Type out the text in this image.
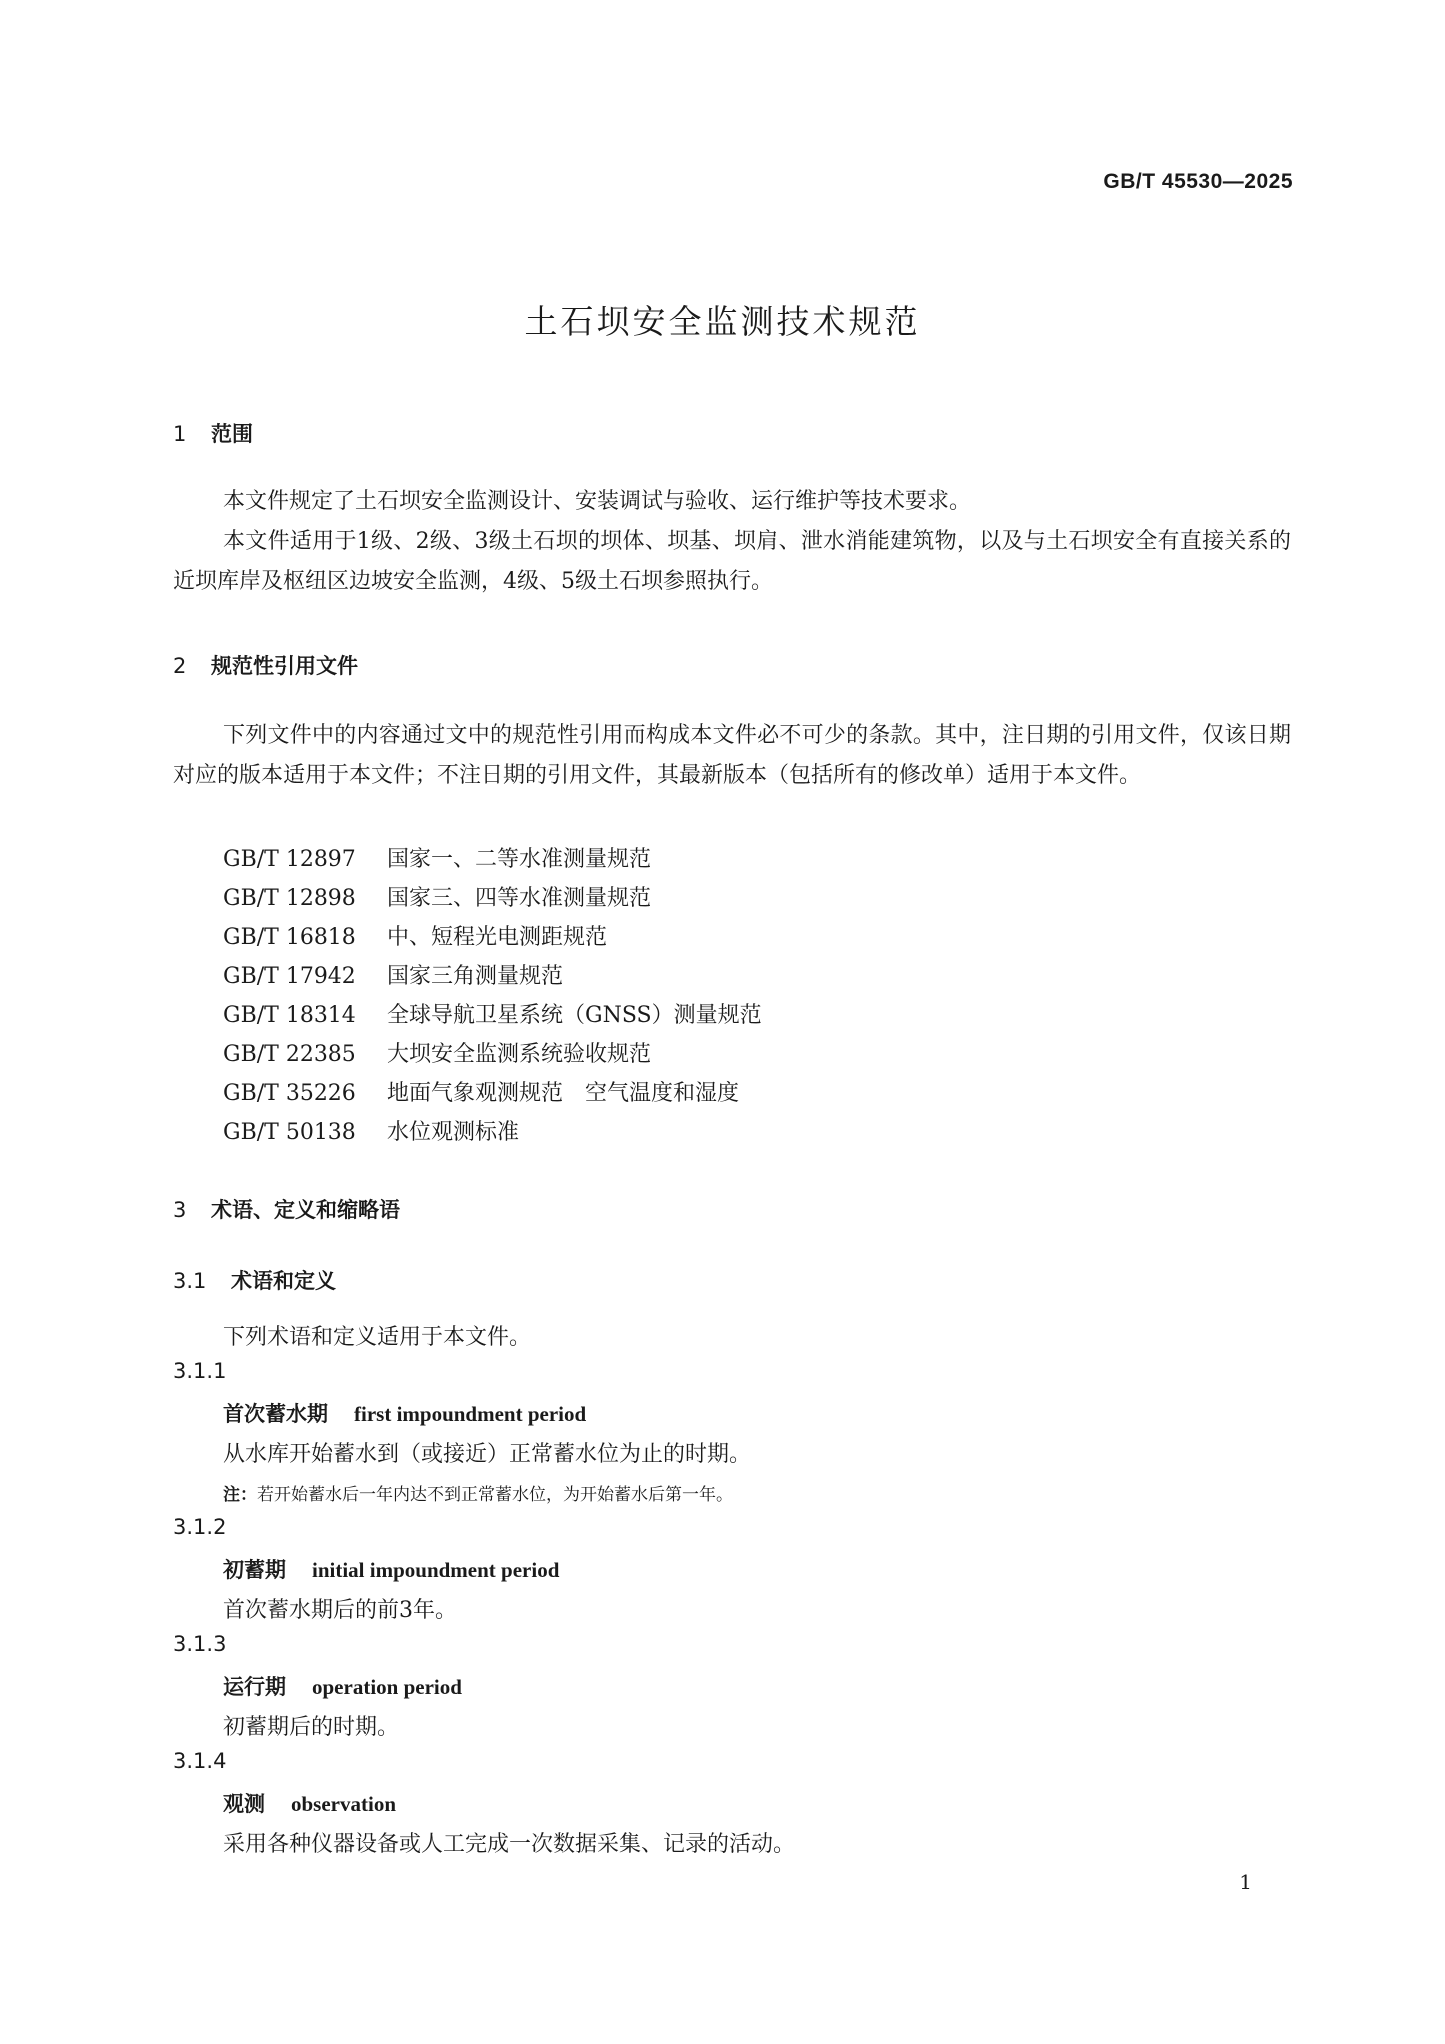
GB/T 45530—2025
土石坝安全监测技术规范
1 范围
本文件规定了土石坝安全监测设计、安装调试与验收、运行维护等技术要求。
本文件适用于1级、2级、3级土石坝的坝体、坝基、坝肩、泄水消能建筑物，以及与土石坝安全有直接关系的近坝库岸及枢纽区边坡安全监测，4级、5级土石坝参照执行。
2 规范性引用文件
下列文件中的内容通过文中的规范性引用而构成本文件必不可少的条款。其中，注日期的引用文件，仅该日期对应的版本适用于本文件；不注日期的引用文件，其最新版本（包括所有的修改单）适用于本文件。
GB/T 12897 国家一、二等水准测量规范
GB/T 12898 国家三、四等水准测量规范
GB/T 16818 中、短程光电测距规范
GB/T 17942 国家三角测量规范
GB/T 18314 全球导航卫星系统（GNSS）测量规范
GB/T 22385 大坝安全监测系统验收规范
GB/T 35226 地面气象观测规范　空气温度和湿度
GB/T 50138 水位观测标准
3 术语、定义和缩略语
3.1 术语和定义
下列术语和定义适用于本文件。
3.1.1
首次蓄水期 first impoundment period
从水库开始蓄水到（或接近）正常蓄水位为止的时期。
注：若开始蓄水后一年内达不到正常蓄水位，为开始蓄水后第一年。
3.1.2
初蓄期 initial impoundment period
首次蓄水期后的前3年。
3.1.3
运行期 operation period
初蓄期后的时期。
3.1.4
观测 observation
采用各种仪器设备或人工完成一次数据采集、记录的活动。
1
